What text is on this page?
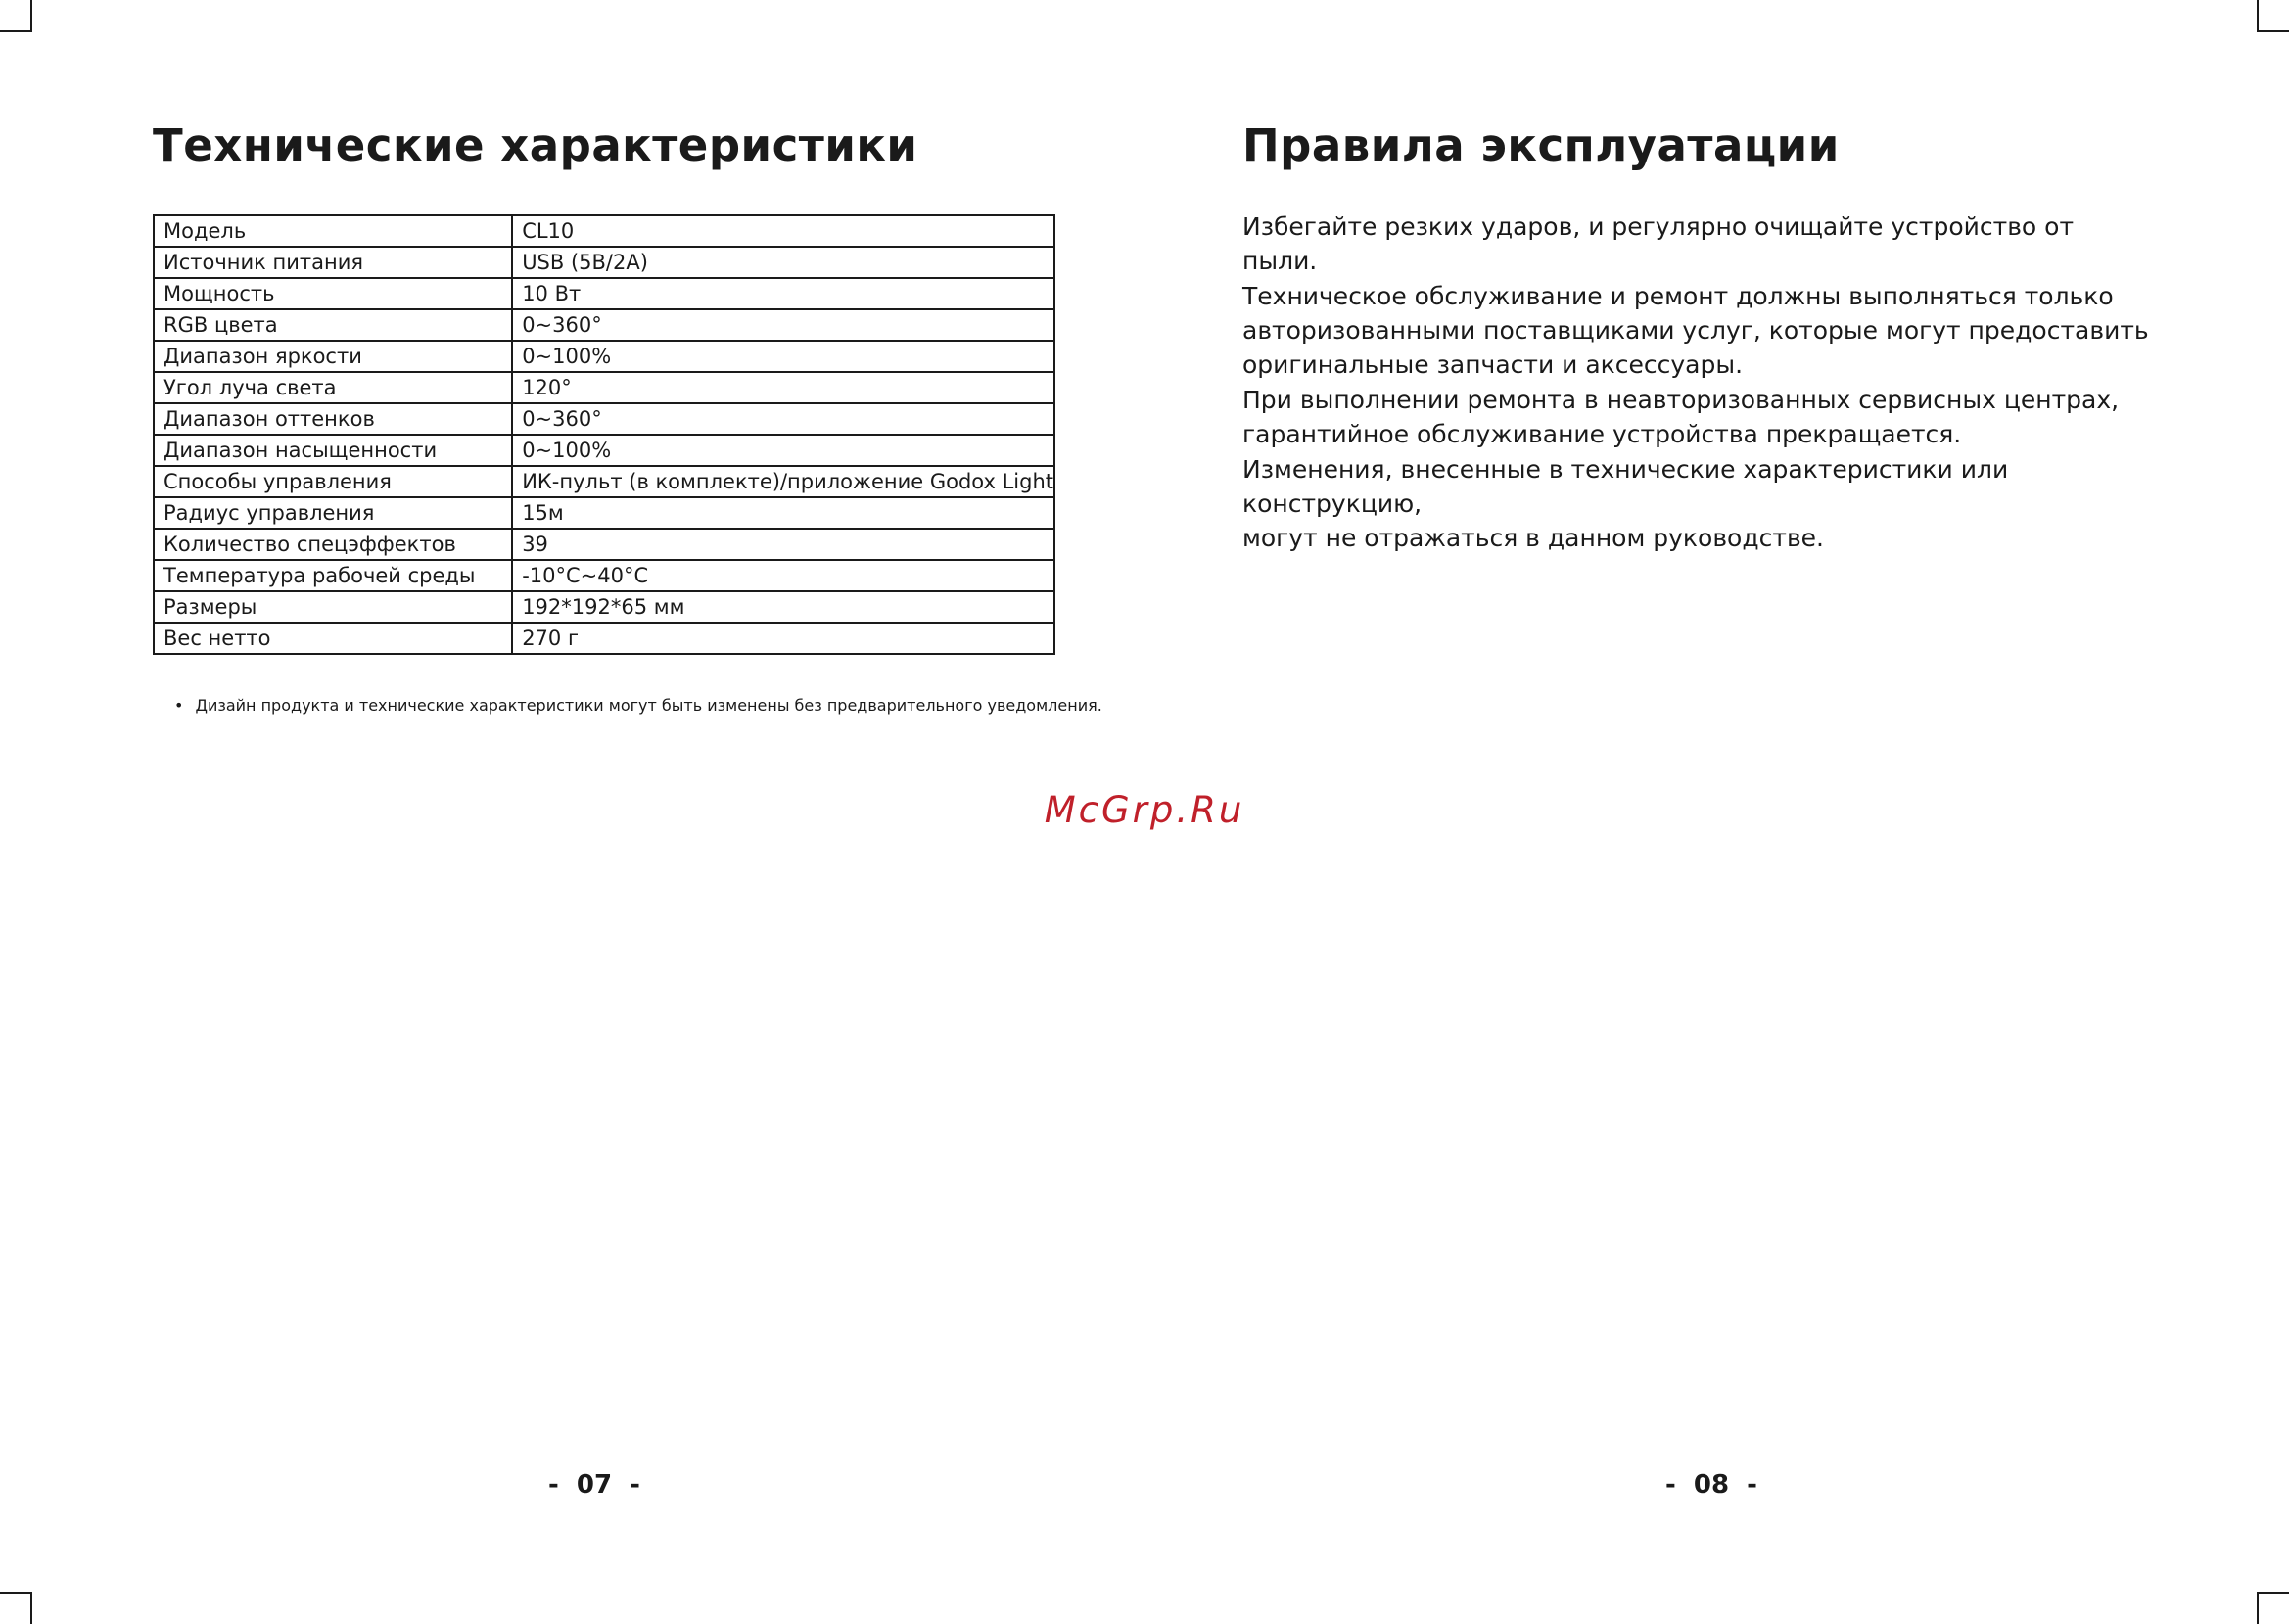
Технические характеристики
Модель	CL10
Источник питания	USB (5В/2А)
Мощность	10 Вт
RGB цвета	0~360°
Диапазон яркости	0~100%
Угол луча света	120°
Диапазон оттенков	0~360°
Диапазон насыщенности	0~100%
Способы управления	ИК-пульт (в комплекте)/приложение Godox Light
Радиус управления	15м
Количество спецэффектов	39
Температура рабочей среды	-10°C~40°C
Размеры	192*192*65 мм
Вес нетто	270 г
• Дизайн продукта и технические характеристики могут быть изменены без предварительного уведомления.
-  07  -
Правила эксплуатации

Избегайте резких ударов, и регулярно очищайте устройство от пыли.

Техническое обслуживание и ремонт должны выполняться только
авторизованными поставщиками услуг, которые могут предоставить
оригинальные запчасти и аксессуары.

При выполнении ремонта в неавторизованных сервисных центрах,
гарантийное обслуживание устройства прекращается.

Изменения, внесенные в технические характеристики или конструкцию,
могут не отражаться в данном руководстве.

-  08  -
McGrp.Ru
